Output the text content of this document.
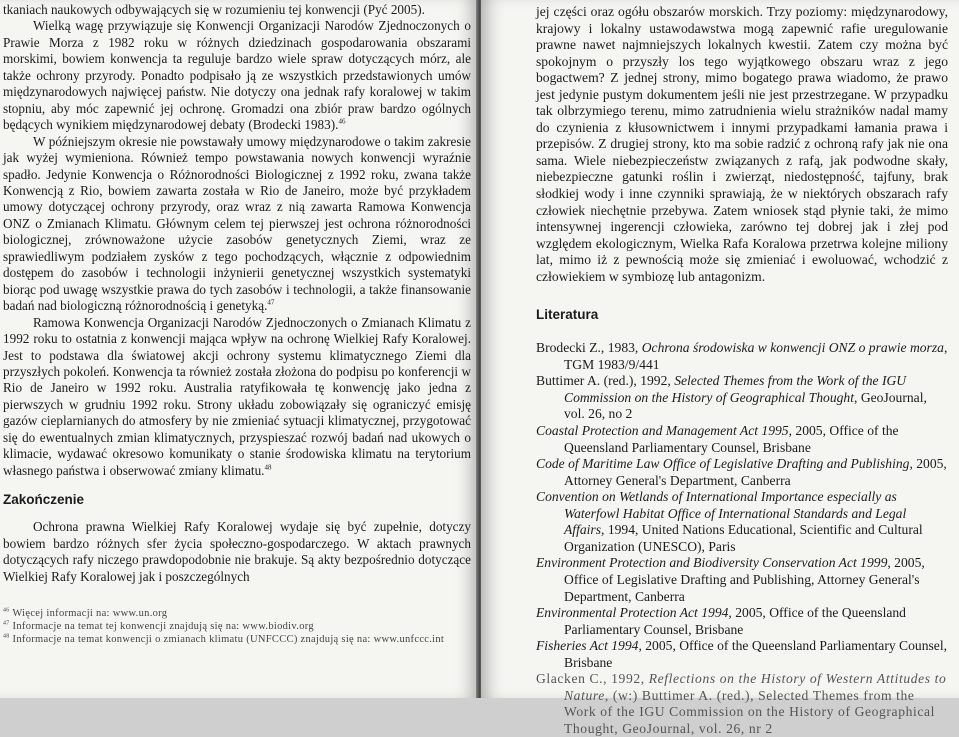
tkaniach naukowych odbywających się w rozumieniu tej konwencji (Pyć 2005).

Wielką wagę przywiązuje się Konwencji Organizacji Narodów Zjednoczonych o Prawie Morza z 1982 roku w różnych dziedzinach gospodarowania obszarami morskimi, bowiem konwencja ta reguluje bardzo wiele spraw dotyczących mórz, ale także ochrony przyrody. Ponadto podpisało ją ze wszystkich przedstawionych umów międzynarodowych najwięcej państw. Nie dotyczy ona jednak rafy koralowej w takim stopniu, aby móc zapewnić jej ochronę. Gromadzi ona zbiór praw bardzo ogólnych będących wynikiem międzynarodowej debaty (Brodecki 1983).$^{46}$

W późniejszym okresie nie powstawały umowy międzynarodowe o takim zakresie jak wyżej wymieniona. Również tempo powstawania nowych konwencji wyraźnie spadło. Jedynie Konwencja o Różnorodności Biologicznej z 1992 roku, zwana także Konwencją z Rio, bowiem zawarta została w Rio de Janeiro, może być przykładem umowy dotyczącej ochrony przyrody, oraz wraz z nią zawarta Ramowa Konwencja ONZ o Zmianach Klimatu. Głównym celem tej pierwszej jest ochrona różnorodności biologicznej, zrównoważone użycie zasobów genetycznych Ziemi, wraz ze sprawiedliwym podziałem zysków z tego pochodzących, włącznie z odpowiednim dostępem do zasobów i technologii inżynierii genetycznej wszystkich systematyki biorąc pod uwagę wszystkie prawa do tych zasobów i technologii, a także finansowanie badań nad biologiczną różnorodnością i genetyką.$^{47}$

Ramowa Konwencja Organizacji Narodów Zjednoczonych o Zmianach Klimatu z 1992 roku to ostatnia z konwencji mająca wpływ na ochronę Wielkiej Rafy Koralowej. Jest to podstawa dla światowej akcji ochrony systemu klimatycznego Ziemi dla przyszłych pokoleń. Konwencja ta również została złożona do podpisu po konferencji w Rio de Janeiro w 1992 roku. Australia ratyfikowała tę konwencję jako jedna z pierwszych w grudniu 1992 roku. Strony układu zobowiązały się ograniczyć emisję gazów cieplarnianych do atmosfery by nie zmieniać sytuacji klimatycznej, przygotować się do ewentualnych zmian klimatycznych, przyspieszać rozwój badań nad ukowych o klimacie, wydawać okresowo komunikaty o stanie środowiska klimatu na terytorium własnego państwa i obserwować zmiany klimatu.$^{48}$

Zakończenie

Ochrona prawna Wielkiej Rafy Koralowej wydaje się być zupełnie, dotyczy bowiem bardzo różnych sfer życia społeczno-gospodarczego. W aktach prawnych dotyczących rafy niczego prawdopodobnie nie brakuje. Są akty bezpośrednio dotyczące Wielkiej Rafy Koralowej jak i poszczególnych

$^{46}$ Więcej informacji na: www.un.org
$^{47}$ Informacje na temat tej konwencji znajdują się na: www.biodiv.org
$^{48}$ Informacje na temat konwencji o zmianach klimatu (UNFCCC) znajdują się na: www.unfccc.int

jej części oraz ogółu obszarów morskich. Trzy poziomy: międzynarodowy, krajowy i lokalny ustawodawstwa mogą zapewnić rafie uregulowanie prawne nawet najmniejszych lokalnych kwestii. Zatem czy można być spokojnym o przyszły los tego wyjątkowego obszaru wraz z jego bogactwem? Z jednej strony, mimo bogatego prawa wiadomo, że prawo jest jedynie pustym dokumentem jeśli nie jest przestrzegane. W przypadku tak olbrzymiego terenu, mimo zatrudnienia wielu strażników nadal mamy do czynienia z kłusownictwem i innymi przypadkami łamania prawa i przepisów. Z drugiej strony, kto ma sobie radzić z ochroną rafy jak nie ona sama. Wiele niebezpieczeństw związanych z rafą, jak podwodne skały, niebezpieczne gatunki roślin i zwierząt, niedostępność, tajfuny, brak słodkiej wody i inne czynniki sprawiają, że w niektórych obszarach rafy człowiek niechętnie przebywa. Zatem wniosek stąd płynie taki, że mimo intensywnej ingerencji człowieka, zarówno tej dobrej jak i złej pod względem ekologicznym, Wielka Rafa Koralowa przetrwa kolejne miliony lat, mimo iż z pewnością może się zmieniać i ewoluować, wchodzić z człowiekiem w symbiozę lub antagonizm.

Literatura

Brodecki Z., 1983, Ochrona środowiska w konwencji ONZ o prawie morza, TGM 1983/9/441

Buttimer A. (red.), 1992, Selected Themes from the Work of the IGU Commission on the History of Geographical Thought, GeoJournal, vol. 26, no 2

Coastal Protection and Management Act 1995, 2005, Office of the Queensland Parliamentary Counsel, Brisbane

Code of Maritime Law Office of Legislative Drafting and Publishing, 2005, Attorney General's Department, Canberra

Convention on Wetlands of International Importance especially as Waterfowl Habitat Office of International Standards and Legal Affairs, 1994, United Nations Educational, Scientific and Cultural Organization (UNESCO), Paris

Environment Protection and Biodiversity Conservation Act 1999, 2005, Office of Legislative Drafting and Publishing, Attorney General's Department, Canberra

Environmental Protection Act 1994, 2005, Office of the Queensland Parliamentary Counsel, Brisbane

Fisheries Act 1994, 2005, Office of the Queensland Parliamentary Counsel, Brisbane

Glacken C., 1992, Reflections on the History of Western Attitudes to Nature, (w:) Buttimer A. (red.), Selected Themes from the Work of the IGU Commission on the History of Geographical Thought, GeoJournal, vol. 26, nr 2
